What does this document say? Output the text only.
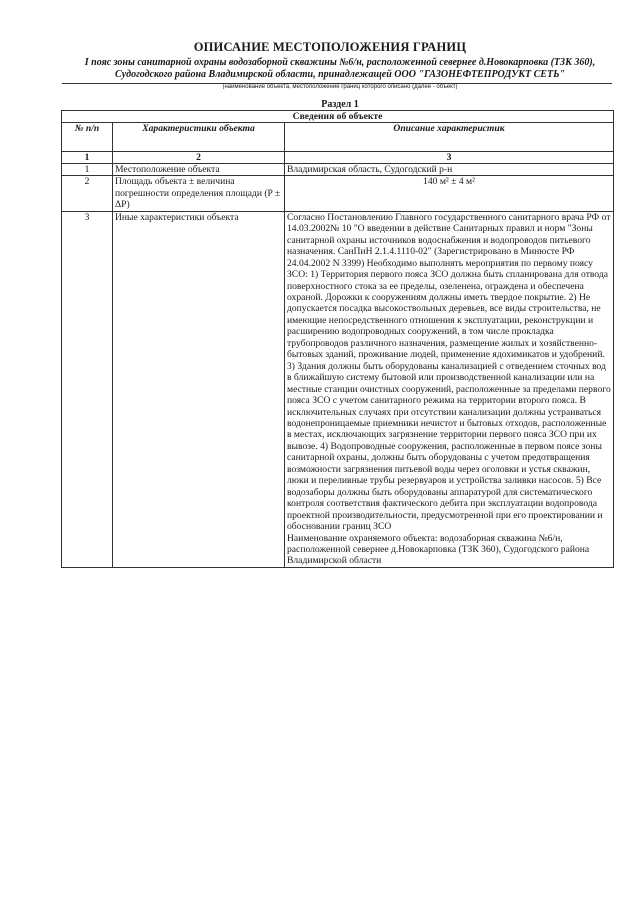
ОПИСАНИЕ МЕСТОПОЛОЖЕНИЯ ГРАНИЦ
I пояс зоны санитарной охраны водозаборной скважины №6/н, расположенной севернее д.Новокарповка (ТЗК 360), Судогодского района Владимирской области, принадлежащей ООО "ГАЗОНЕФТЕПРОДУКТ СЕТЬ"
(наименование объекта, местоположение границ которого описано (далее - объект)
Раздел 1
Сведения об объекте		
№ п/п	Характеристики объекта	Описание характеристик
1	2	3
1	Местоположение объекта	Владимирская область, Судогодский р-н
2	Площадь объекта ± величина погрешности определения площади (P ± ΔP)	140 м² ± 4 м²
3	Иные характеристики объекта	Согласно Постановлению Главного государственного санитарного врача РФ от 14.03.2002№ 10 "О введении в действие Санитарных правил и норм "Зоны санитарной охраны источников водоснабжения и водопроводов питьевого назначения. СанПиН 2.1.4.1110-02" (Зарегистрировано в Минюсте РФ 24.04.2002 N 3399) Необходимо выполнять мероприятия по первому поясу ЗСО: 1) Территория первого пояса ЗСО должна быть спланирована для отвода поверхностного стока за ее пределы, озеленена, ограждена и обеспечена охраной. Дорожки к сооружениям должны иметь твердое покрытие. 2) Не допускается посадка высокоствольных деревьев, все виды строительства, не имеющие непосредственного отношения к эксплуатации, реконструкции и расширению водопроводных сооружений, в том числе прокладка трубопроводов различного назначения, размещение жилых и хозяйственно-бытовых зданий, проживание людей, применение ядохимикатов и удобрений. 3) Здания должны быть оборудованы канализацией с отведением сточных вод в ближайшую систему бытовой или производственной канализации или на местные станции очистных сооружений, расположенные за пределами первого пояса ЗСО с учетом санитарного режима на территории второго пояса. В исключительных случаях при отсутствии канализации должны устраиваться водонепроницаемые приемники нечистот и бытовых отходов, расположенные в местах, исключающих загрязнение территории первого пояса ЗСО при их вывозе. 4) Водопроводные сооружения, расположенные в первом поясе зоны санитарной охраны, должны быть оборудованы с учетом предотвращения возможности загрязнения питьевой воды через оголовки и устья скважин, люки и переливные трубы резервуаров и устройства заливки насосов. 5) Все водозаборы должны быть оборудованы аппаратурой для систематического контроля соответствия фактического дебита при эксплуатации водопровода проектной производительности, предусмотренной при его проектировании и обосновании границ ЗСО

Наименование охраняемого объекта: водозаборная скважина №6/н, расположенной севернее д.Новокарповка (ТЗК 360), Судогодского района Владимирской области
